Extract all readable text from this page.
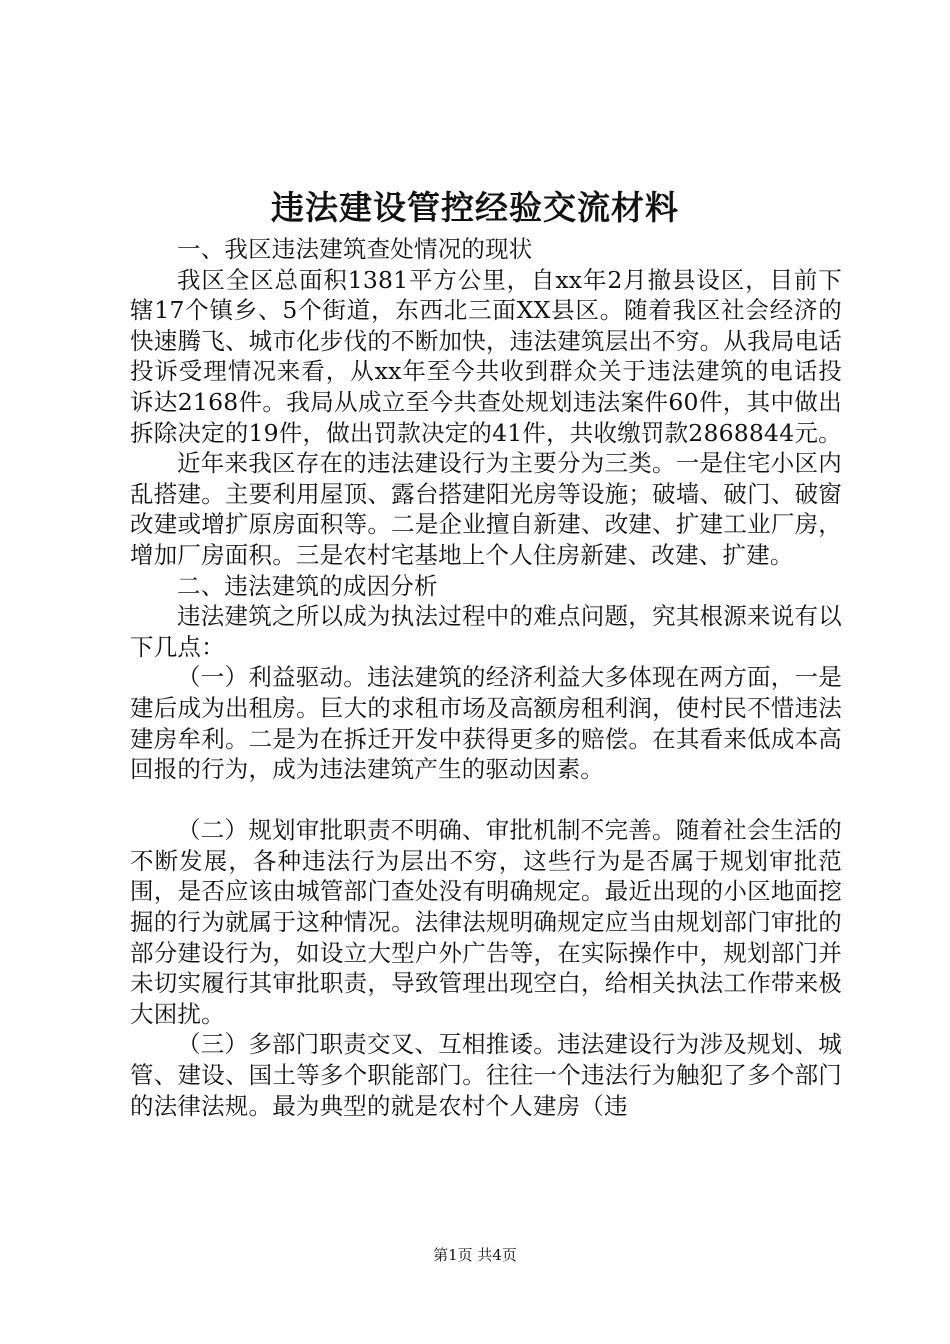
违法建设管控经验交流材料

一、我区违法建筑查处情况的现状

我区全区总面积1381平方公里，自xx年2月撤县设区，目前下辖17个镇乡、5个街道，东西北三面XX县区。随着我区社会经济的快速腾飞、城市化步伐的不断加快，违法建筑层出不穷。从我局电话投诉受理情况来看，从xx年至今共收到群众关于违法建筑的电话投诉达2168件。我局从成立至今共查处规划违法案件60件，其中做出拆除决定的19件，做出罚款决定的41件，共收缴罚款2868844元。

近年来我区存在的违法建设行为主要分为三类。一是住宅小区内乱搭建。主要利用屋顶、露台搭建阳光房等设施；破墙、破门、破窗改建或增扩原房面积等。二是企业擅自新建、改建、扩建工业厂房，增加厂房面积。三是农村宅基地上个人住房新建、改建、扩建。

二、违法建筑的成因分析

违法建筑之所以成为执法过程中的难点问题，究其根源来说有以下几点：

（一）利益驱动。违法建筑的经济利益大多体现在两方面，一是建后成为出租房。巨大的求租市场及高额房租利润，使村民不惜违法建房牟利。二是为在拆迁开发中获得更多的赔偿。在其看来低成本高回报的行为，成为违法建筑产生的驱动因素。

（二）规划审批职责不明确、审批机制不完善。随着社会生活的不断发展，各种违法行为层出不穷，这些行为是否属于规划审批范围，是否应该由城管部门查处没有明确规定。最近出现的小区地面挖掘的行为就属于这种情况。法律法规明确规定应当由规划部门审批的部分建设行为，如设立大型户外广告等，在实际操作中，规划部门并未切实履行其审批职责，导致管理出现空白，给相关执法工作带来极大困扰。

（三）多部门职责交叉、互相推诿。违法建设行为涉及规划、城管、建设、国土等多个职能部门。往往一个违法行为触犯了多个部门的法律法规。最为典型的就是农村个人建房（违

第1页 共4页
